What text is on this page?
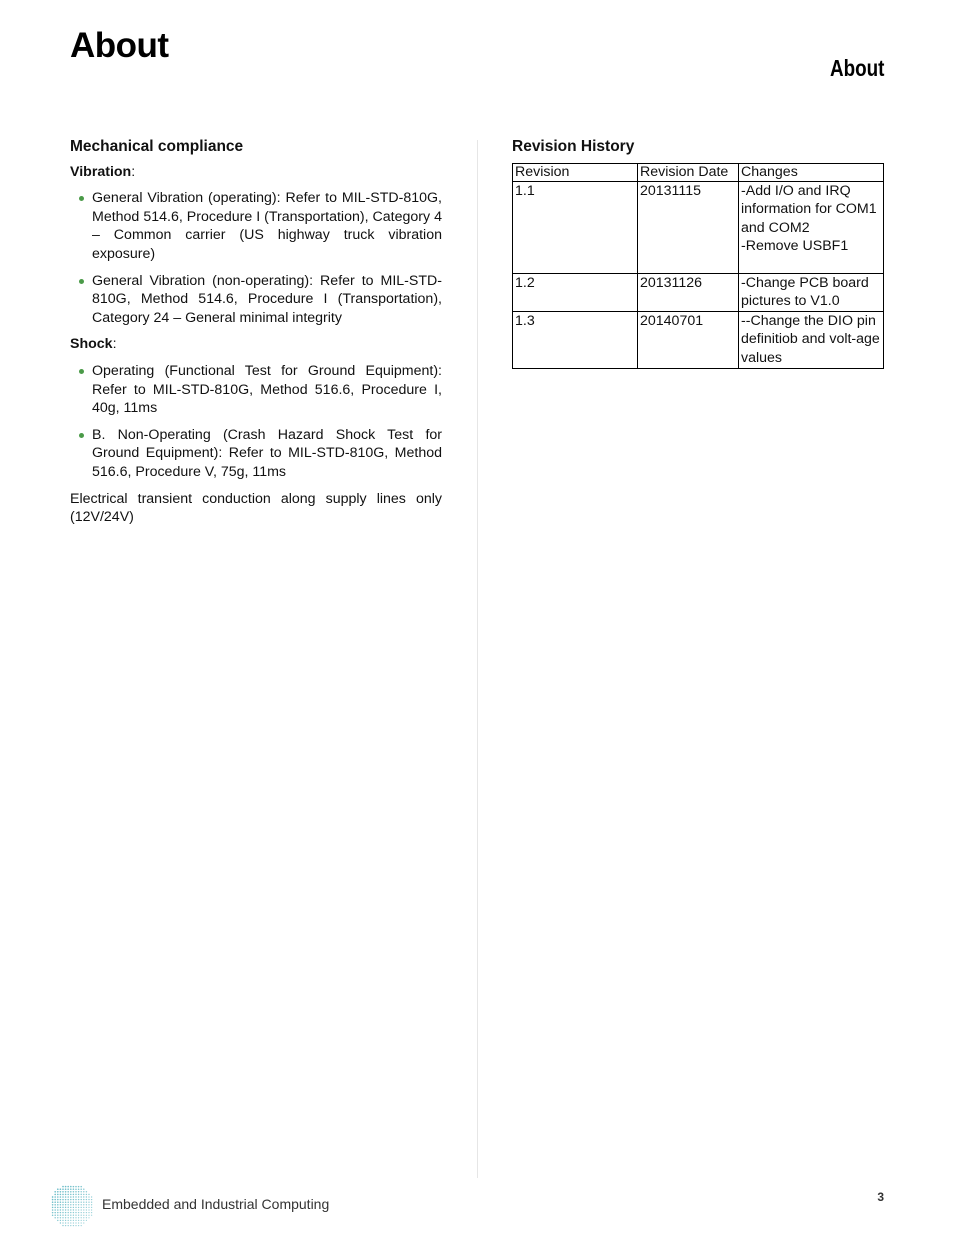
About
About
Mechanical compliance

Vibration:

General Vibration (operating): Refer to MIL-STD-810G, Method 514.6, Procedure I (Transportation), Category 4 – Common carrier (US highway truck vibration exposure)
General Vibration (non-operating): Refer to MIL-STD-810G, Method 514.6, Procedure I (Transportation), Category 24 – General minimal integrity

Shock:

Operating (Functional Test for Ground Equipment): Refer to MIL-STD-810G, Method 516.6, Procedure I, 40g, 11ms
B. Non-Operating (Crash Hazard Shock Test for Ground Equipment): Refer to MIL-STD-810G, Method 516.6, Procedure V, 75g, 11ms

Electrical transient conduction along supply lines only (12V/24V)

Revision History
Revision	Revision Date	Changes
1.1	20131115	-Add I/O and IRQ information for COM1 and COM2
-Remove USBF1

1.2	20131126	-Change PCB board pictures to V1.0

1.3	20140701	--Change the DIO pin definitiob and volt-age values
Embedded and Industrial Computing	3
